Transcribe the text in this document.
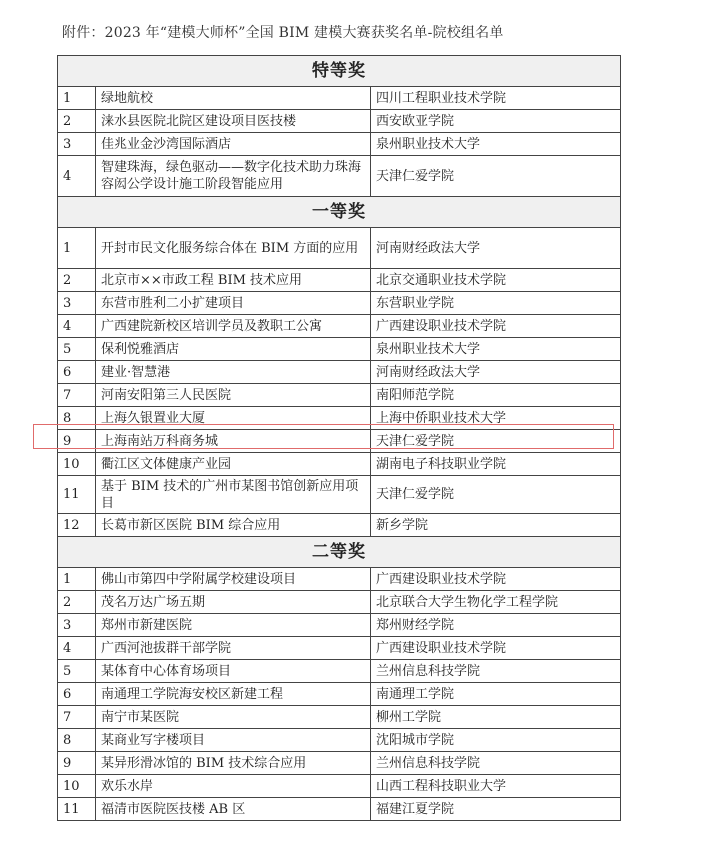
附件：2023 年“建模大师杯”全国 BIM 建模大赛获奖名单-院校组名单
特等奖		
1	绿地航校	四川工程职业技术学院
2	涞水县医院北院区建设项目医技楼	西安欧亚学院
3	佳兆业金沙湾国际酒店	泉州职业技术大学
4	智建珠海，绿色驱动——数字化技术助力珠海容闳公学设计施工阶段智能应用	天津仁爱学院
一等奖		
1	开封市民文化服务综合体在 BIM 方面的应用	河南财经政法大学
2	北京市××市政工程 BIM 技术应用	北京交通职业技术学院
3	东营市胜利二小扩建项目	东营职业学院
4	广西建院新校区培训学员及教职工公寓	广西建设职业技术学院
5	保利悦雅酒店	泉州职业技术大学
6	建业·智慧港	河南财经政法大学
7	河南安阳第三人民医院	南阳师范学院
8	上海久银置业大厦	上海中侨职业技术大学
9	上海南站万科商务城	天津仁爱学院
10	衢江区文体健康产业园	湖南电子科技职业学院
11	基于 BIM 技术的广州市某图书馆创新应用项目	天津仁爱学院
12	长葛市新区医院 BIM 综合应用	新乡学院
二等奖		
1	佛山市第四中学附属学校建设项目	广西建设职业技术学院
2	茂名万达广场五期	北京联合大学生物化学工程学院
3	郑州市新建医院	郑州财经学院
4	广西河池拔群干部学院	广西建设职业技术学院
5	某体育中心体育场项目	兰州信息科技学院
6	南通理工学院海安校区新建工程	南通理工学院
7	南宁市某医院	柳州工学院
8	某商业写字楼项目	沈阳城市学院
9	某异形滑冰馆的 BIM 技术综合应用	兰州信息科技学院
10	欢乐水岸	山西工程科技职业大学
11	福清市医院医技楼 AB 区	福建江夏学院
